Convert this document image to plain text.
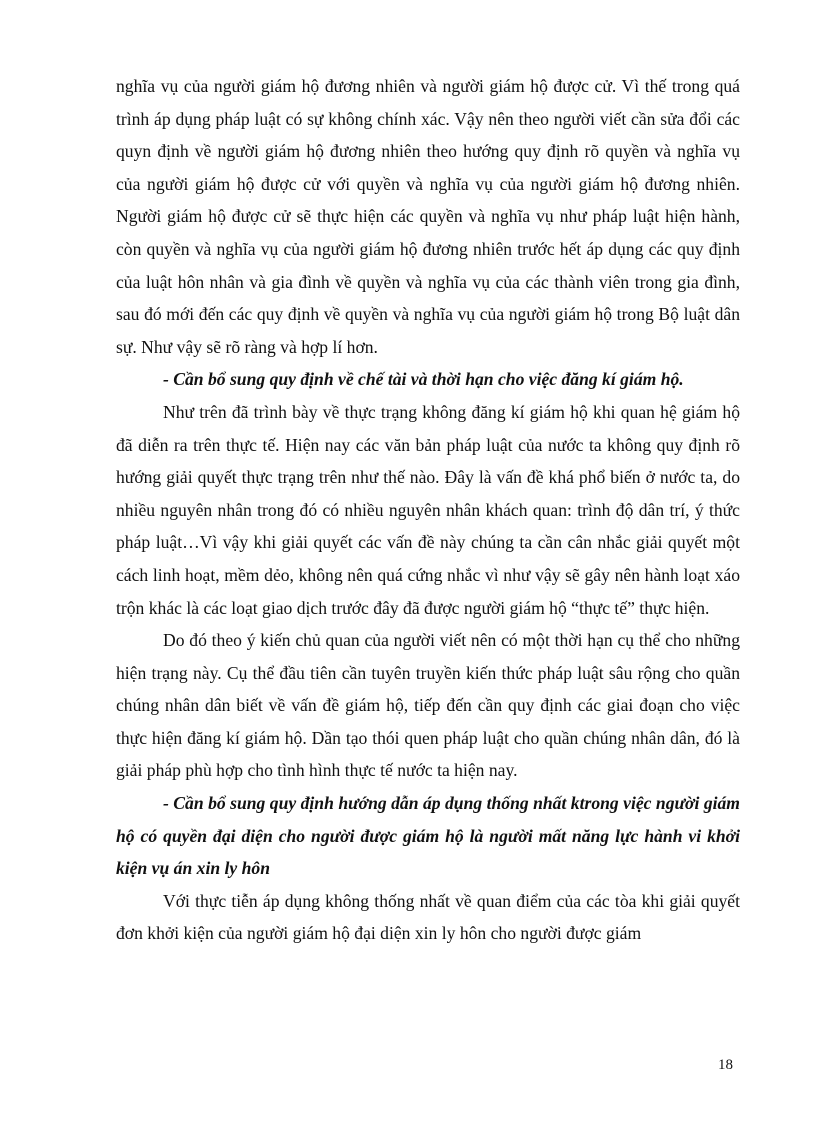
nghĩa vụ của người giám hộ đương nhiên và người giám hộ được cử. Vì thế trong quá trình áp dụng pháp luật có sự không chính xác. Vậy nên theo người viết cần sửa đổi các quyn định về người giám hộ đương nhiên theo hướng quy định rõ quyền và nghĩa vụ của người giám hộ được cử với quyền và nghĩa vụ của người giám hộ đương nhiên. Người giám hộ được cử sẽ thực hiện các quyền và nghĩa vụ như pháp luật hiện hành, còn quyền và nghĩa vụ của người giám hộ đương nhiên trước hết áp dụng các quy định của luật hôn nhân và gia đình về quyền và nghĩa vụ của các thành viên trong gia đình, sau đó mới đến các quy định về quyền và nghĩa vụ của người giám hộ trong Bộ luật dân sự. Như vậy sẽ rõ ràng và hợp lí hơn.

- Cần bổ sung quy định về chế tài và thời hạn cho việc đăng kí giám hộ.

Như trên đã trình bày về thực trạng không đăng kí giám hộ khi quan hệ giám hộ đã diễn ra trên thực tế. Hiện nay các văn bản pháp luật của nước ta không quy định rõ hướng giải quyết thực trạng trên như thế nào. Đây là vấn đề khá phổ biến ở nước ta, do nhiều nguyên nhân trong đó có nhiều nguyên nhân khách quan: trình độ dân trí, ý thức pháp luật…Vì vậy khi giải quyết các vấn đề này chúng ta cần cân nhắc giải quyết một cách linh hoạt, mềm dẻo, không nên quá cứng nhắc vì như vậy sẽ gây nên hành loạt xáo trộn khác là các loạt giao dịch trước đây đã được người giám hộ “thực tế” thực hiện.

Do đó theo ý kiến chủ quan của người viết nên có một thời hạn cụ thể cho những hiện trạng này. Cụ thể đầu tiên cần tuyên truyền kiến thức pháp luật sâu rộng cho quần chúng nhân dân biết về vấn đề giám hộ, tiếp đến cần quy định các giai đoạn cho việc thực hiện đăng kí giám hộ. Dần tạo thói quen pháp luật cho quần chúng nhân dân, đó là giải pháp phù hợp cho tình hình thực tế nước ta hiện nay.

- Cần bổ sung quy định hướng dẫn áp dụng thống nhất ktrong việc người giám hộ có quyền đại diện cho người được giám hộ là người mất năng lực hành vi khởi kiện vụ án xin ly hôn

Với thực tiễn áp dụng không thống nhất về quan điểm của các tòa khi giải quyết đơn khởi kiện của người giám hộ đại diện xin ly hôn cho người được giám

18
